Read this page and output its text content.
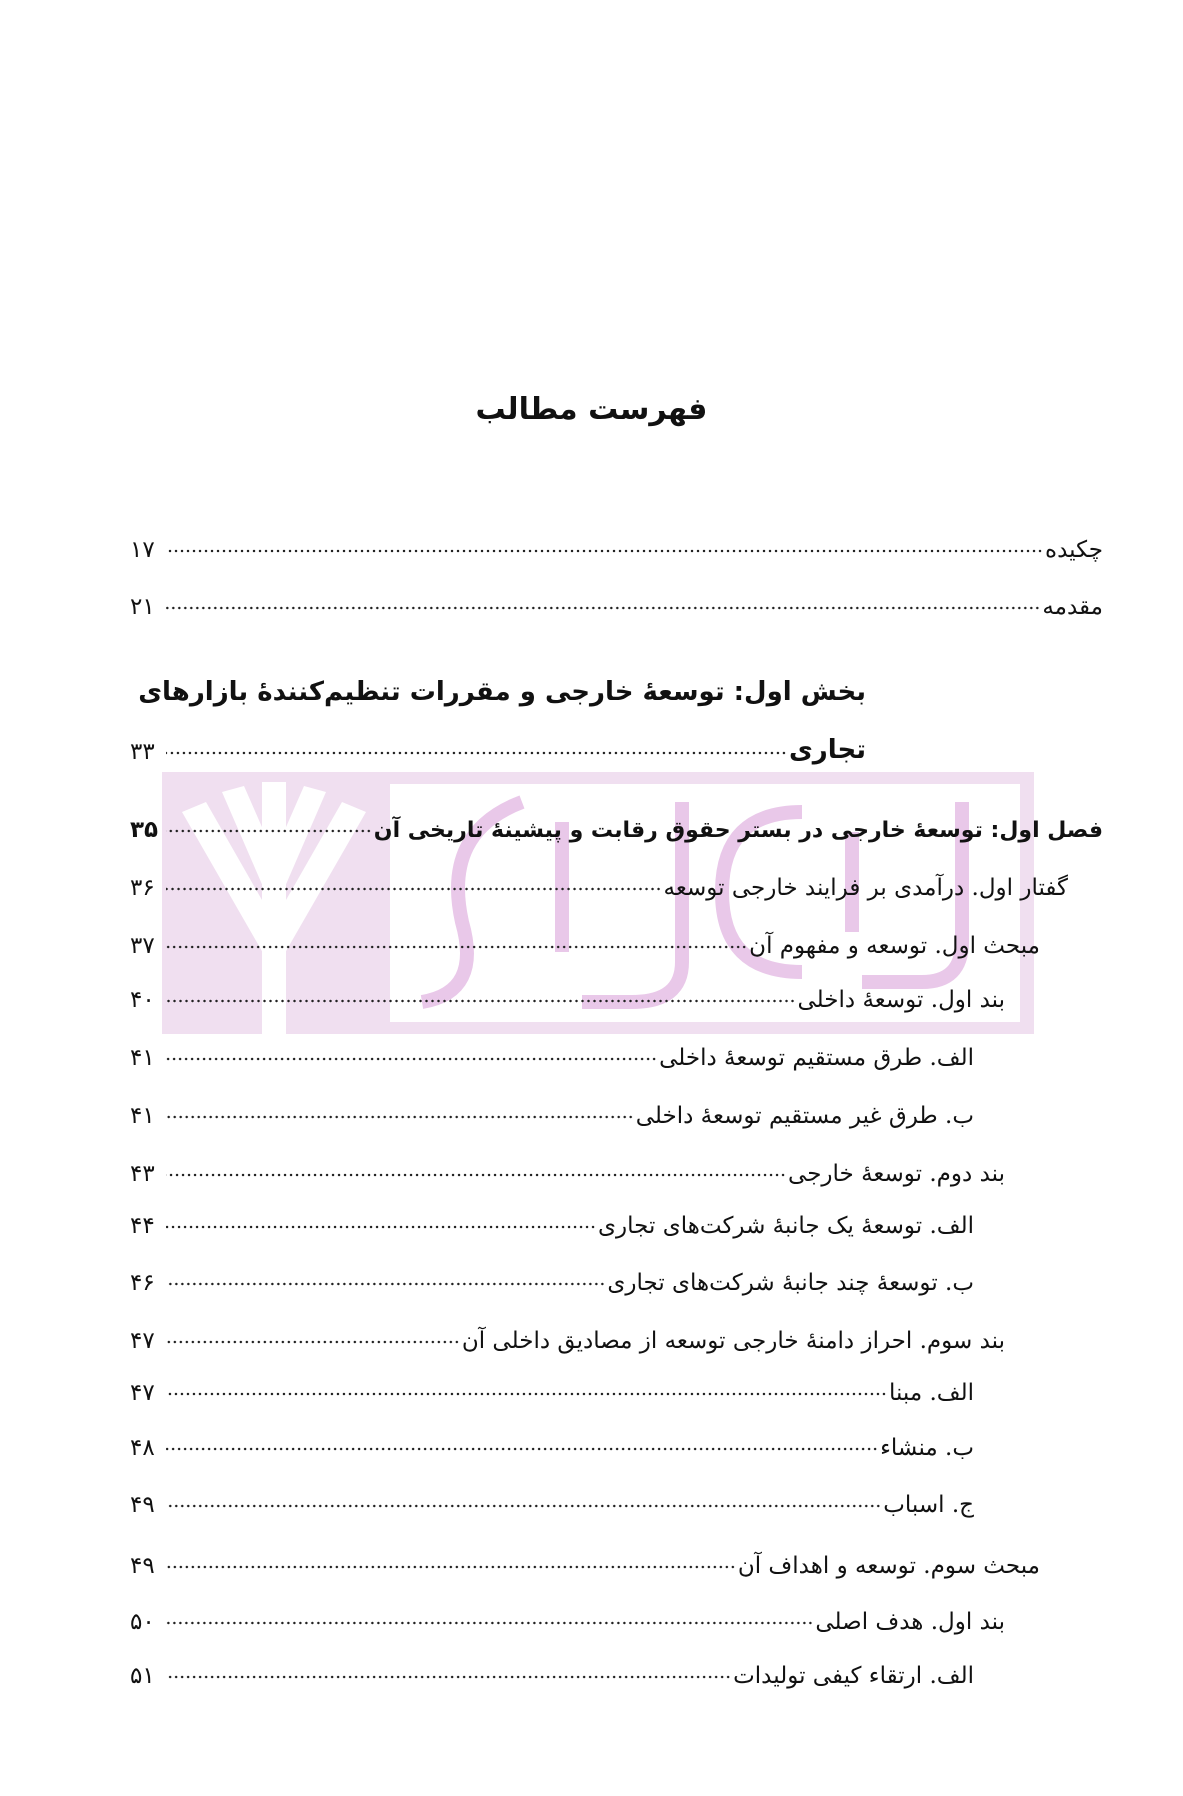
فهرست مطالب
بخش اول: توسعهٔ خارجی و مقررات تنظیم‌کنندهٔ بازارهای
تجاری
۳۳
چکیده
۱۷
مقدمه
۲۱
فصل اول: توسعهٔ خارجی در بستر حقوق رقابت و پیشینهٔ تاریخی آن
۳۵
گفتار اول. درآمدی بر فرایند خارجی توسعه
۳۶
مبحث اول. توسعه و مفهوم آن
۳۷
بند اول. توسعهٔ داخلی
۴۰
الف. طرق مستقیم توسعهٔ داخلی
۴۱
ب. طرق غیر مستقیم توسعهٔ داخلی
۴۱
بند دوم. توسعهٔ خارجی
۴۳
الف. توسعهٔ یک جانبهٔ شرکت‌های تجاری
۴۴
ب. توسعهٔ چند جانبهٔ شرکت‌های تجاری
۴۶
بند سوم. احراز دامنهٔ خارجی توسعه از مصادیق داخلی آن
۴۷
الف. مبنا
۴۷
ب. منشاء
۴۸
ج. اسباب
۴۹
مبحث سوم. توسعه و اهداف آن
۴۹
بند اول. هدف اصلی
۵۰
الف. ارتقاء کیفی تولیدات
۵۱
